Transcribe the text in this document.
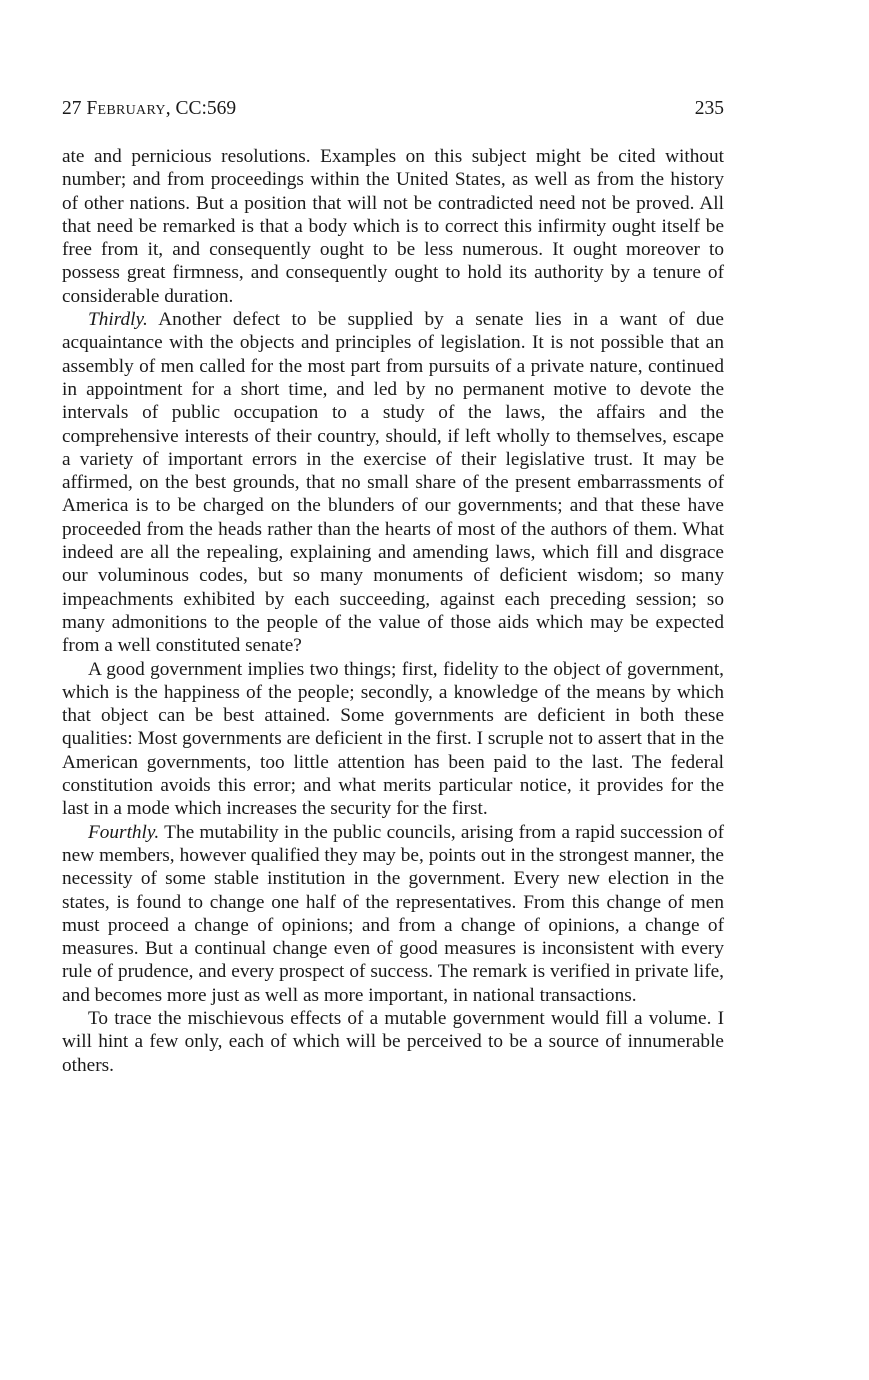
27 February, CC:569	235

ate and pernicious resolutions. Examples on this subject might be cited without number; and from proceedings within the United States, as well as from the history of other nations. But a position that will not be contradicted need not be proved. All that need be remarked is that a body which is to correct this infirmity ought itself be free from it, and consequently ought to be less numerous. It ought moreover to possess great firmness, and consequently ought to hold its authority by a tenure of considerable duration.

Thirdly. Another defect to be supplied by a senate lies in a want of due acquaintance with the objects and principles of legislation. It is not possible that an assembly of men called for the most part from pursuits of a private nature, continued in appointment for a short time, and led by no permanent motive to devote the intervals of public occupation to a study of the laws, the affairs and the comprehensive interests of their country, should, if left wholly to themselves, escape a variety of important errors in the exercise of their legislative trust. It may be affirmed, on the best grounds, that no small share of the present embarrassments of America is to be charged on the blunders of our governments; and that these have proceeded from the heads rather than the hearts of most of the authors of them. What indeed are all the repealing, explaining and amending laws, which fill and disgrace our voluminous codes, but so many monuments of deficient wisdom; so many impeachments exhibited by each succeeding, against each preceding session; so many admonitions to the people of the value of those aids which may be expected from a well constituted senate?

A good government implies two things; first, fidelity to the object of government, which is the happiness of the people; secondly, a knowledge of the means by which that object can be best attained. Some governments are deficient in both these qualities: Most governments are deficient in the first. I scruple not to assert that in the American governments, too little attention has been paid to the last. The federal constitution avoids this error; and what merits particular notice, it provides for the last in a mode which increases the security for the first.

Fourthly. The mutability in the public councils, arising from a rapid succession of new members, however qualified they may be, points out in the strongest manner, the necessity of some stable institution in the government. Every new election in the states, is found to change one half of the representatives. From this change of men must proceed a change of opinions; and from a change of opinions, a change of measures. But a continual change even of good measures is inconsistent with every rule of prudence, and every prospect of success. The remark is verified in private life, and becomes more just as well as more important, in national transactions.

To trace the mischievous effects of a mutable government would fill a volume. I will hint a few only, each of which will be perceived to be a source of innumerable others.
